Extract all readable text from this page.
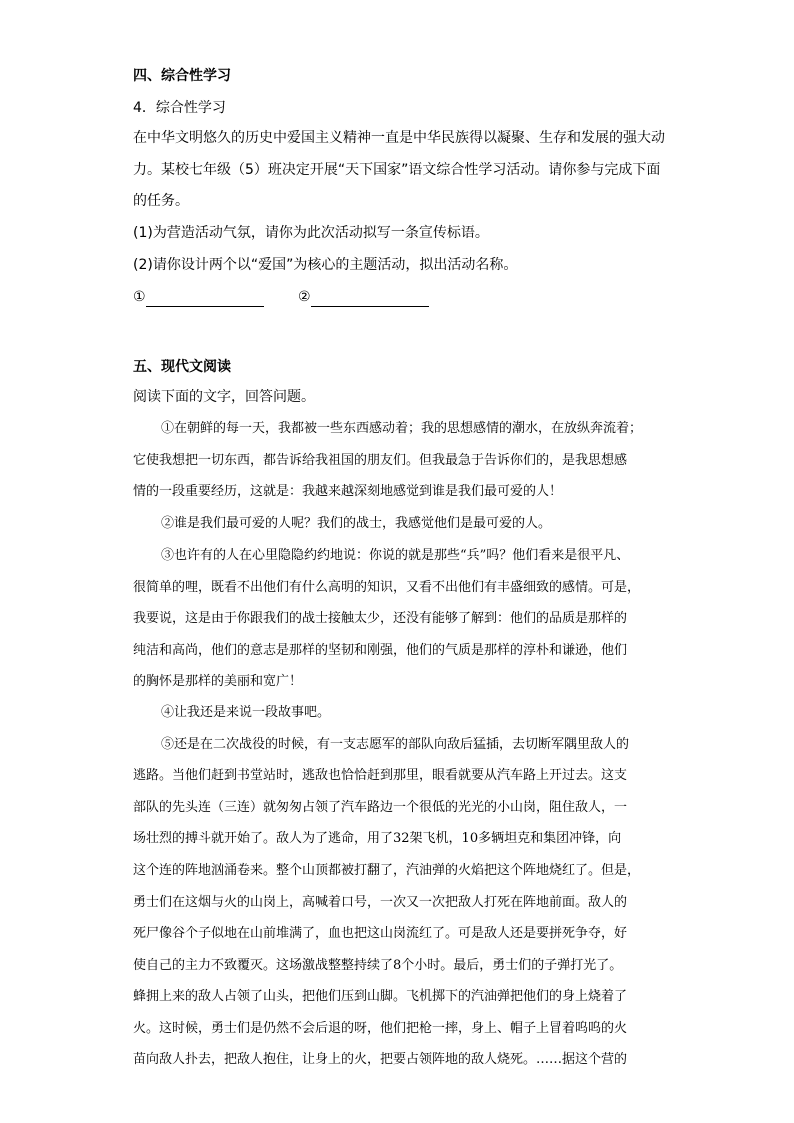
四、综合性学习
4．综合性学习
在中华文明悠久的历史中爱国主义精神一直是中华民族得以凝聚、生存和发展的强大动
力。某校七年级（5）班决定开展“天下国家”语文综合性学习活动。请你参与完成下面
的任务。
(1)为营造活动气氛，请你为此次活动拟写一条宣传标语。
(2)请你设计两个以“爱国”为核心的主题活动，拟出活动名称。
①	②
五、现代文阅读
阅读下面的文字，回答问题。
①在朝鲜的每一天，我都被一些东西感动着；我的思想感情的潮水，在放纵奔流着；
它使我想把一切东西，都告诉给我祖国的朋友们。但我最急于告诉你们的，是我思想感
情的一段重要经历，这就是：我越来越深刻地感觉到谁是我们最可爱的人！
②谁是我们最可爱的人呢？我们的战士，我感觉他们是最可爱的人。
③也许有的人在心里隐隐约约地说：你说的就是那些“兵”吗？他们看来是很平凡、
很简单的哩，既看不出他们有什么高明的知识，又看不出他们有丰盛细致的感情。可是，
我要说，这是由于你跟我们的战士接触太少，还没有能够了解到：他们的品质是那样的
纯洁和高尚，他们的意志是那样的坚韧和刚强，他们的气质是那样的淳朴和谦逊，他们
的胸怀是那样的美丽和宽广！
④让我还是来说一段故事吧。
⑤还是在二次战役的时候，有一支志愿军的部队向敌后猛插，去切断军隅里敌人的
逃路。当他们赶到书堂站时，逃敌也恰恰赶到那里，眼看就要从汽车路上开过去。这支
部队的先头连（三连）就匆匆占领了汽车路边一个很低的光光的小山岗，阻住敌人，一
场壮烈的搏斗就开始了。敌人为了逃命，用了32架飞机，10多辆坦克和集团冲锋，向
这个连的阵地汹涌卷来。整个山顶都被打翻了，汽油弹的火焰把这个阵地烧红了。但是，
勇士们在这烟与火的山岗上，高喊着口号，一次又一次把敌人打死在阵地前面。敌人的
死尸像谷个子似地在山前堆满了，血也把这山岗流红了。可是敌人还是要拼死争夺，好
使自己的主力不致覆灭。这场激战整整持续了8个小时。最后，勇士们的子弹打光了。
蜂拥上来的敌人占领了山头，把他们压到山脚。飞机掷下的汽油弹把他们的身上烧着了
火。这时候，勇士们是仍然不会后退的呀，他们把枪一摔，身上、帽子上冒着呜呜的火
苗向敌人扑去，把敌人抱住，让身上的火，把要占领阵地的敌人烧死。……据这个营的
